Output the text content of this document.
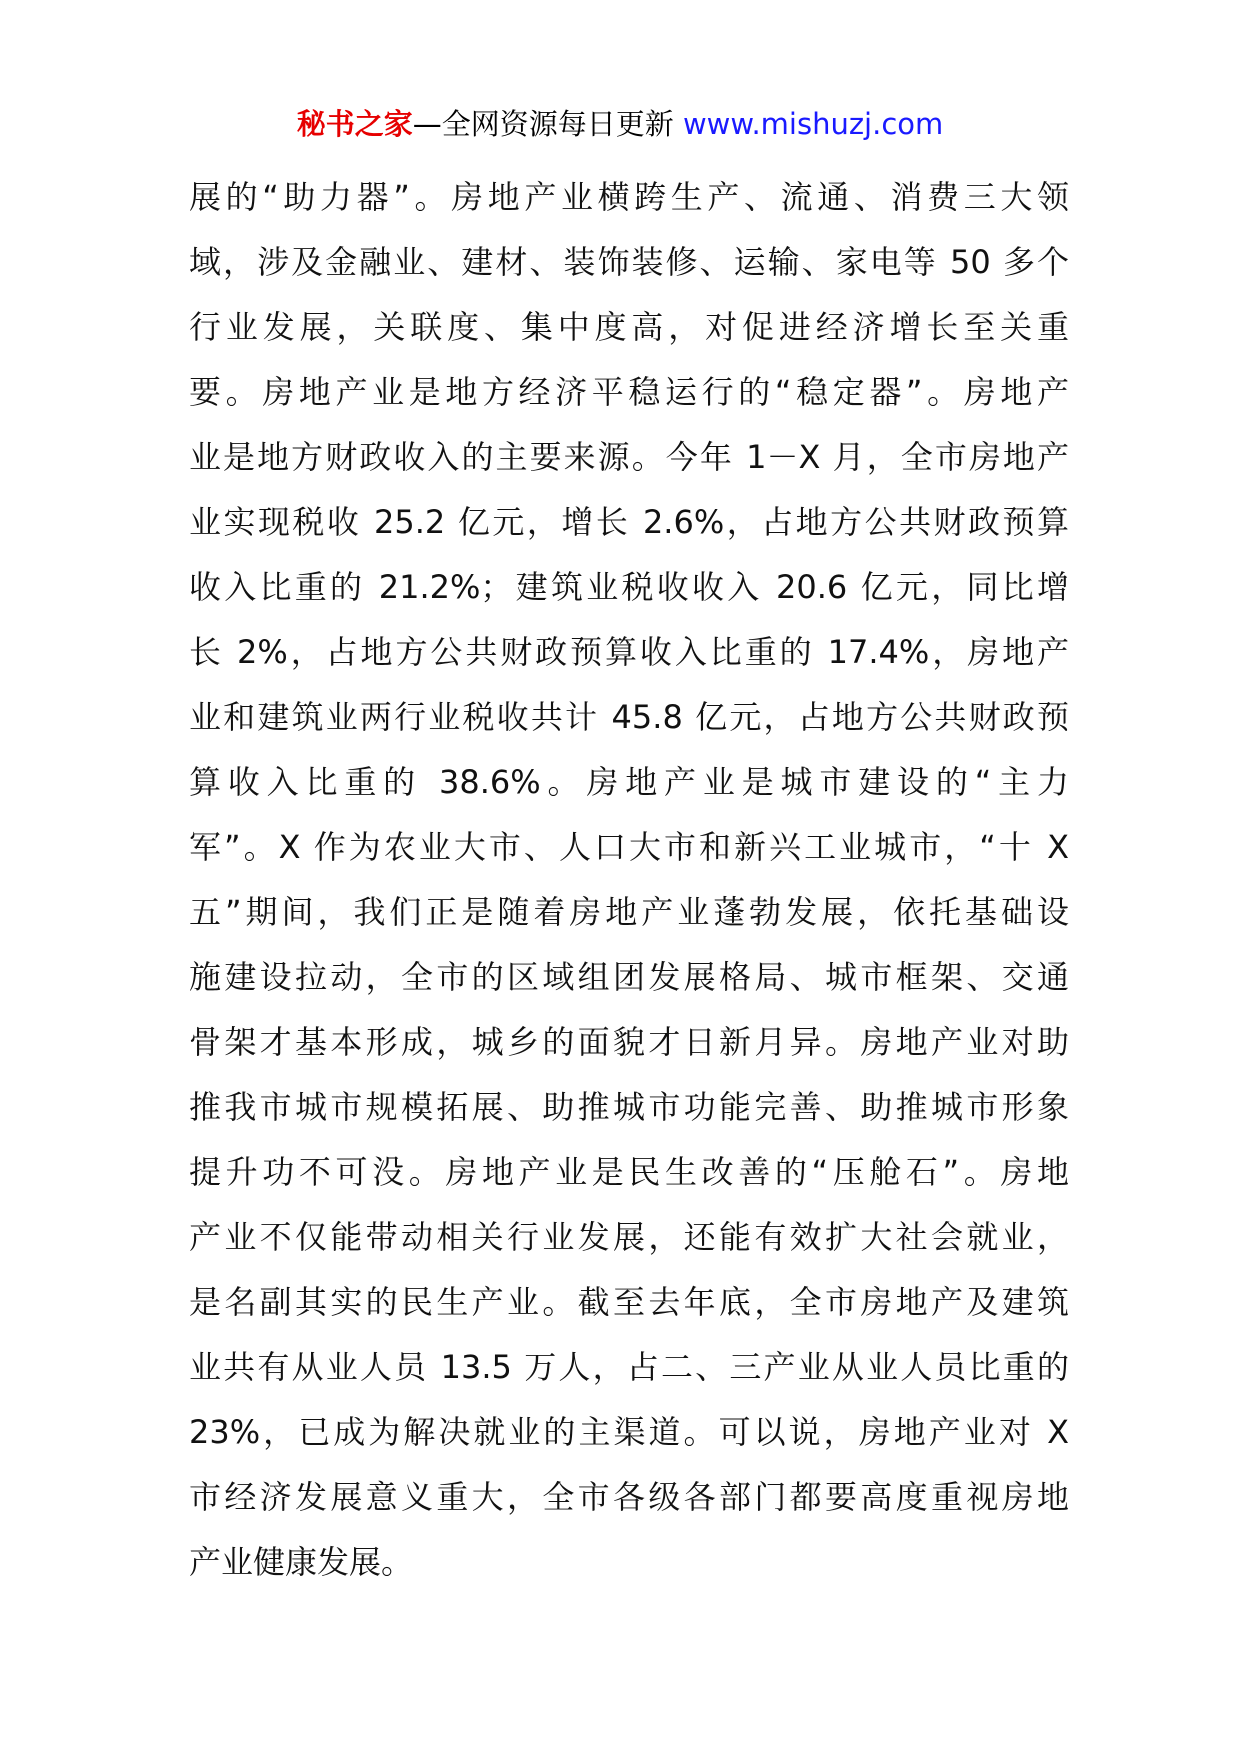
秘书之家—全网资源每日更新 www.mishuzj.com
展的“助力器”。房地产业横跨生产、流通、消费三大领
域，涉及金融业、建材、装饰装修、运输、家电等 50 多个
行业发展，关联度、集中度高，对促进经济增长至关重
要。房地产业是地方经济平稳运行的“稳定器”。房地产
业是地方财政收入的主要来源。今年 1－X 月，全市房地产
业实现税收 25.2 亿元，增长 2.6%，占地方公共财政预算
收入比重的 21.2%；建筑业税收收入 20.6 亿元，同比增
长 2%，占地方公共财政预算收入比重的 17.4%，房地产
业和建筑业两行业税收共计 45.8 亿元，占地方公共财政预
算收入比重的 38.6%。房地产业是城市建设的“主力
军”。X 作为农业大市、人口大市和新兴工业城市，“十 X
五”期间，我们正是随着房地产业蓬勃发展，依托基础设
施建设拉动，全市的区域组团发展格局、城市框架、交通
骨架才基本形成，城乡的面貌才日新月异。房地产业对助
推我市城市规模拓展、助推城市功能完善、助推城市形象
提升功不可没。房地产业是民生改善的“压舱石”。房地
产业不仅能带动相关行业发展，还能有效扩大社会就业，
是名副其实的民生产业。截至去年底，全市房地产及建筑
业共有从业人员 13.5 万人，占二、三产业从业人员比重的
23%，已成为解决就业的主渠道。可以说，房地产业对 X
市经济发展意义重大，全市各级各部门都要高度重视房地
产业健康发展。
